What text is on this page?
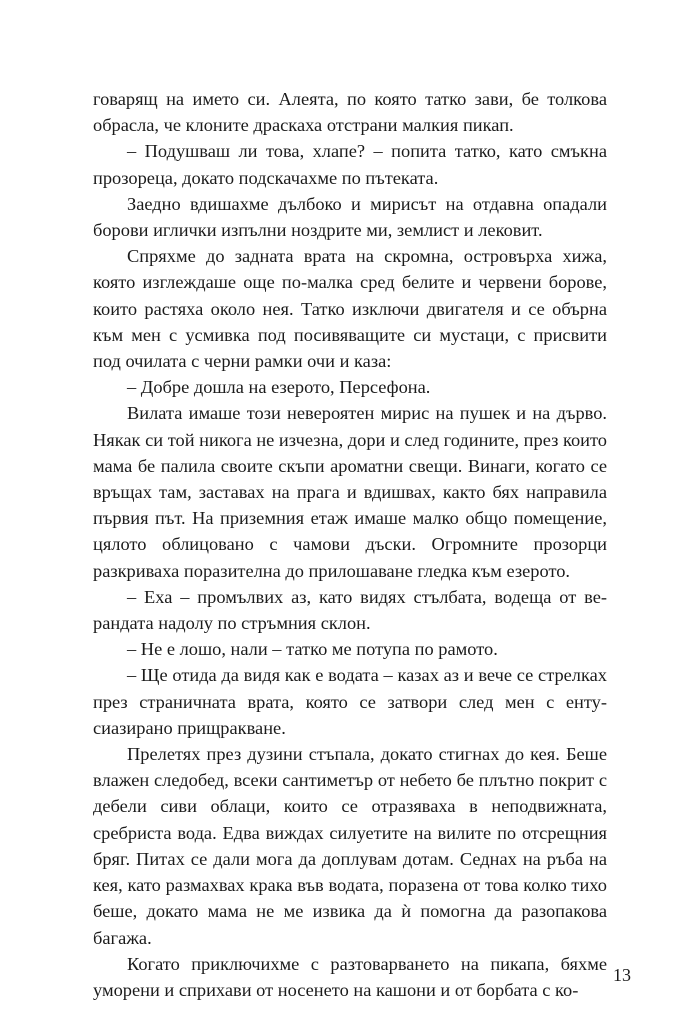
говарящ на името си. Алеята, по която татко зави, бе толкова обрасла, че клоните драскаха отстрани малкия пикап.

– Подушваш ли това, хлапе? – попита татко, като смъкна прозореца, докато подскачахме по пътеката.

Заедно вдишахме дълбоко и мирисът на отдавна опадали борови иглички изпълни ноздрите ми, землист и лековит.

Спряхме до задната врата на скромна, островърха хижа, която изглеждаше още по-малка сред белите и червени борове, които растяха около нея. Татко изключи двигателя и се обърна към мен с усмивка под посивяващите си мустаци, с присвити под очилата с черни рамки очи и каза:

– Добре дошла на езерото, Персефона.

Вилата имаше този невероятен мирис на пушек и на дърво. Някак си той никога не изчезна, дори и след годините, през които мама бе палила своите скъпи ароматни свещи. Винаги, когато се връщах там, заставах на прага и вдишвах, както бях направила първия път. На приземния етаж имаше малко общо помещение, цялото облицовано с чамови дъски. Огромните прозорци разкриваха поразителна до прилошаване гледка към езерото.

– Еха – промълвих аз, като видях стълбата, водеща от верандата надолу по стръмния склон.

– Не е лошо, нали – татко ме потупа по рамото.

– Ще отида да видя как е водата – казах аз и вече се стрелках през страничната врата, която се затвори след мен с ентусиазирано прищракване.

Прелетях през дузини стъпала, докато стигнах до кея. Беше влажен следобед, всеки сантиметър от небето бе плътно покрит с дебели сиви облаци, които се отразяваха в неподвижната, сребриста вода. Едва виждах силуетите на вилите по отсрещния бряг. Питах се дали мога да доплувам дотам. Седнах на ръба на кея, като размахвах крака във водата, поразена от това колко тихо беше, докато мама не ме извика да ѝ помогна да разопакова багажа.

Когато приключихме с разтоварването на пикапа, бяхме уморени и сприхави от носенето на кашони и от борбата с ко-

13
